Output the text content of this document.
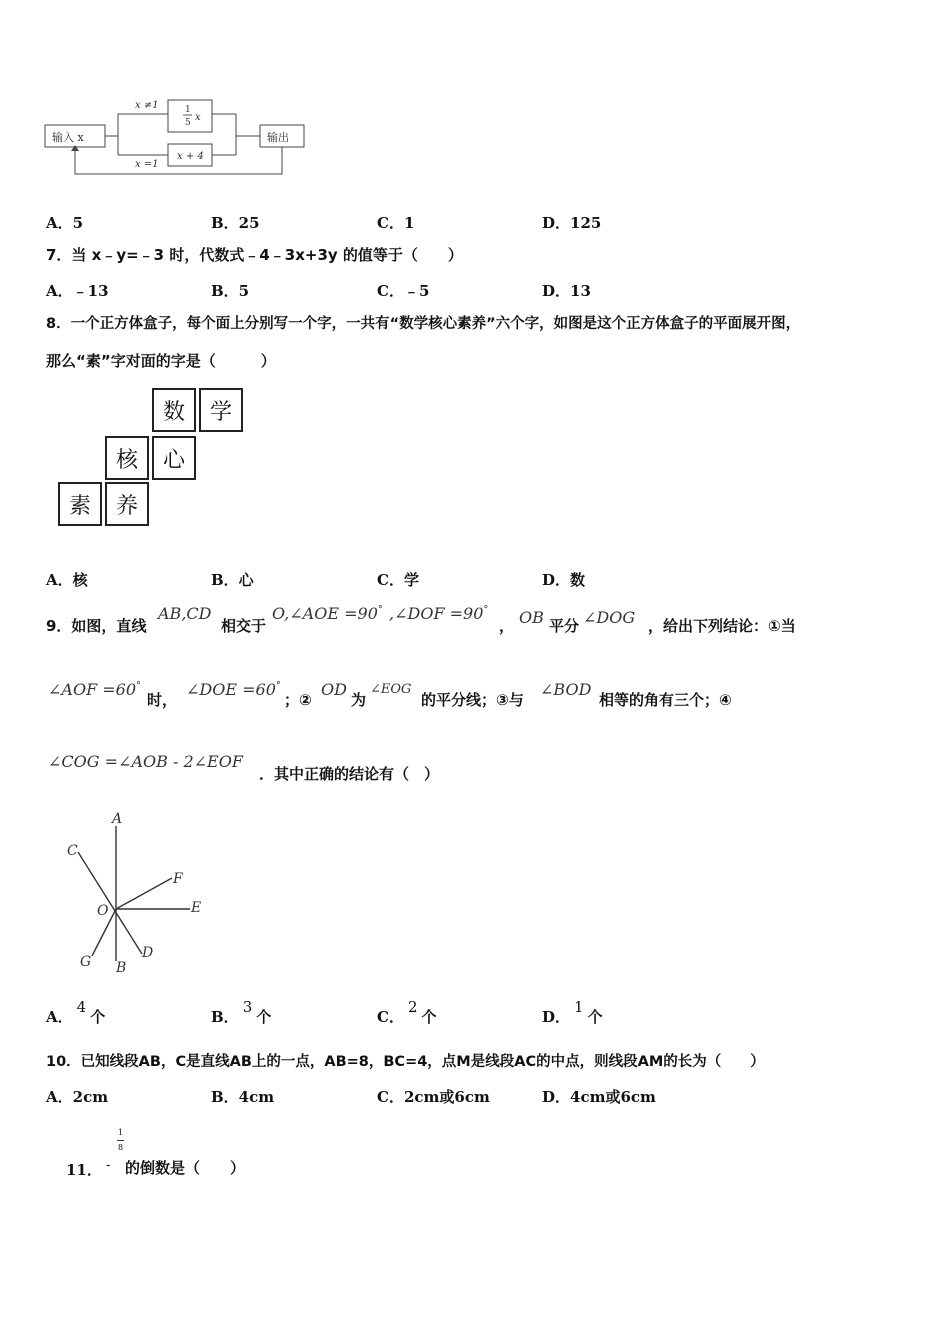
输入 x	输出
x ≠1
x =1
1
5 x
x + 4
A．5	B．25	C．1	D．125
7．当 x﹣y=﹣3 时，代数式﹣4﹣3x+3y 的值等于（　　）
A．﹣13	B．5	C．﹣5	D．13
8．一个正方体盒子，每个面上分别写一个字，一共有“数学核心素养”六个字，如图是这个正方体盒子的平面展开图，
那么“素”字对面的字是（　　　）
数	学
核	心
素	养
A．核	B．心	C．学	D．数
9．如图，直线
AB,CD
相交于
O,∠AOE =90° ,∠DOF =90°
， OB 平分 ∠DOG ，给出下列结论：①当
∠AOF =60°
时，
∠DOE =60°
；②
OD
为
∠EOG
的平分线；③与
∠BOD
相等的角有三个；④
∠COG =∠AOB - 2∠EOF
．其中正确的结论有（　）
A
C
F
O	E
G B
D
A．4个	B．3个	C．2个	D．1个
10．已知线段AB，C是直线AB上的一点，AB=8，BC=4，点M是线段AC的中点，则线段AM的长为（　　）
A．2cm	B．4cm	C．2cm或6cm	D．4cm或6cm
11． -
1
8
的倒数是（　　）
